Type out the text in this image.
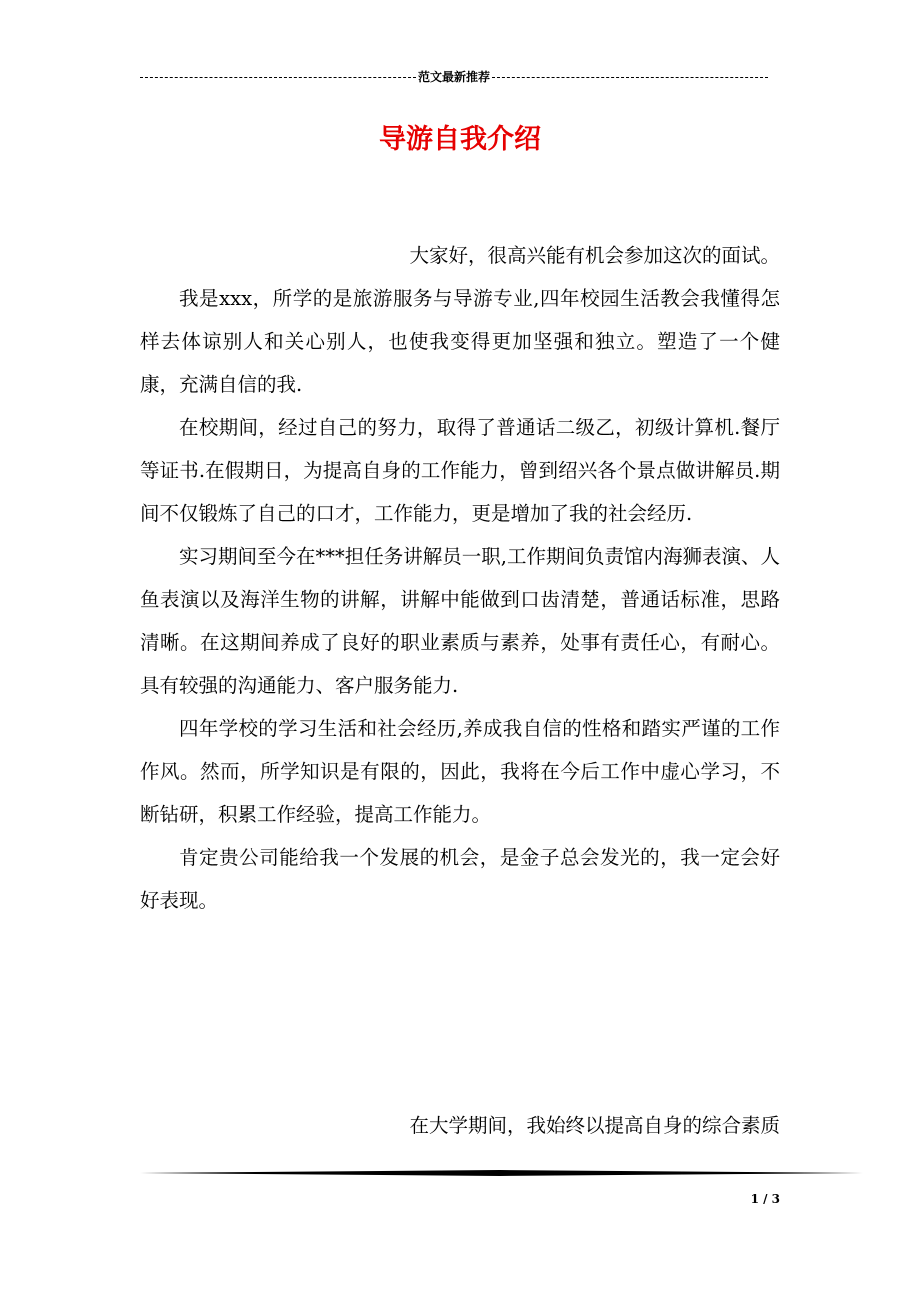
范文最新推荐
导游自我介绍

大家好，很高兴能有机会参加这次的面试。

我是xxx，所学的是旅游服务与导游专业,四年校园生活教会我懂得怎样去体谅别人和关心别人，也使我变得更加坚强和独立。塑造了一个健康，充满自信的我.

在校期间，经过自己的努力，取得了普通话二级乙，初级计算机.餐厅等证书.在假期日，为提高自身的工作能力，曾到绍兴各个景点做讲解员.期间不仅锻炼了自己的口才，工作能力，更是增加了我的社会经历.

实习期间至今在***担任务讲解员一职,工作期间负责馆内海狮表演、人鱼表演以及海洋生物的讲解，讲解中能做到口齿清楚，普通话标准，思路清晰。在这期间养成了良好的职业素质与素养，处事有责任心，有耐心。具有较强的沟通能力、客户服务能力.

四年学校的学习生活和社会经历,养成我自信的性格和踏实严谨的工作作风。然而，所学知识是有限的，因此，我将在今后工作中虚心学习，不断钻研，积累工作经验，提高工作能力。

肯定贵公司能给我一个发展的机会，是金子总会发光的，我一定会好好表现。

在大学期间，我始终以提高自身的综合素质
1 / 3
